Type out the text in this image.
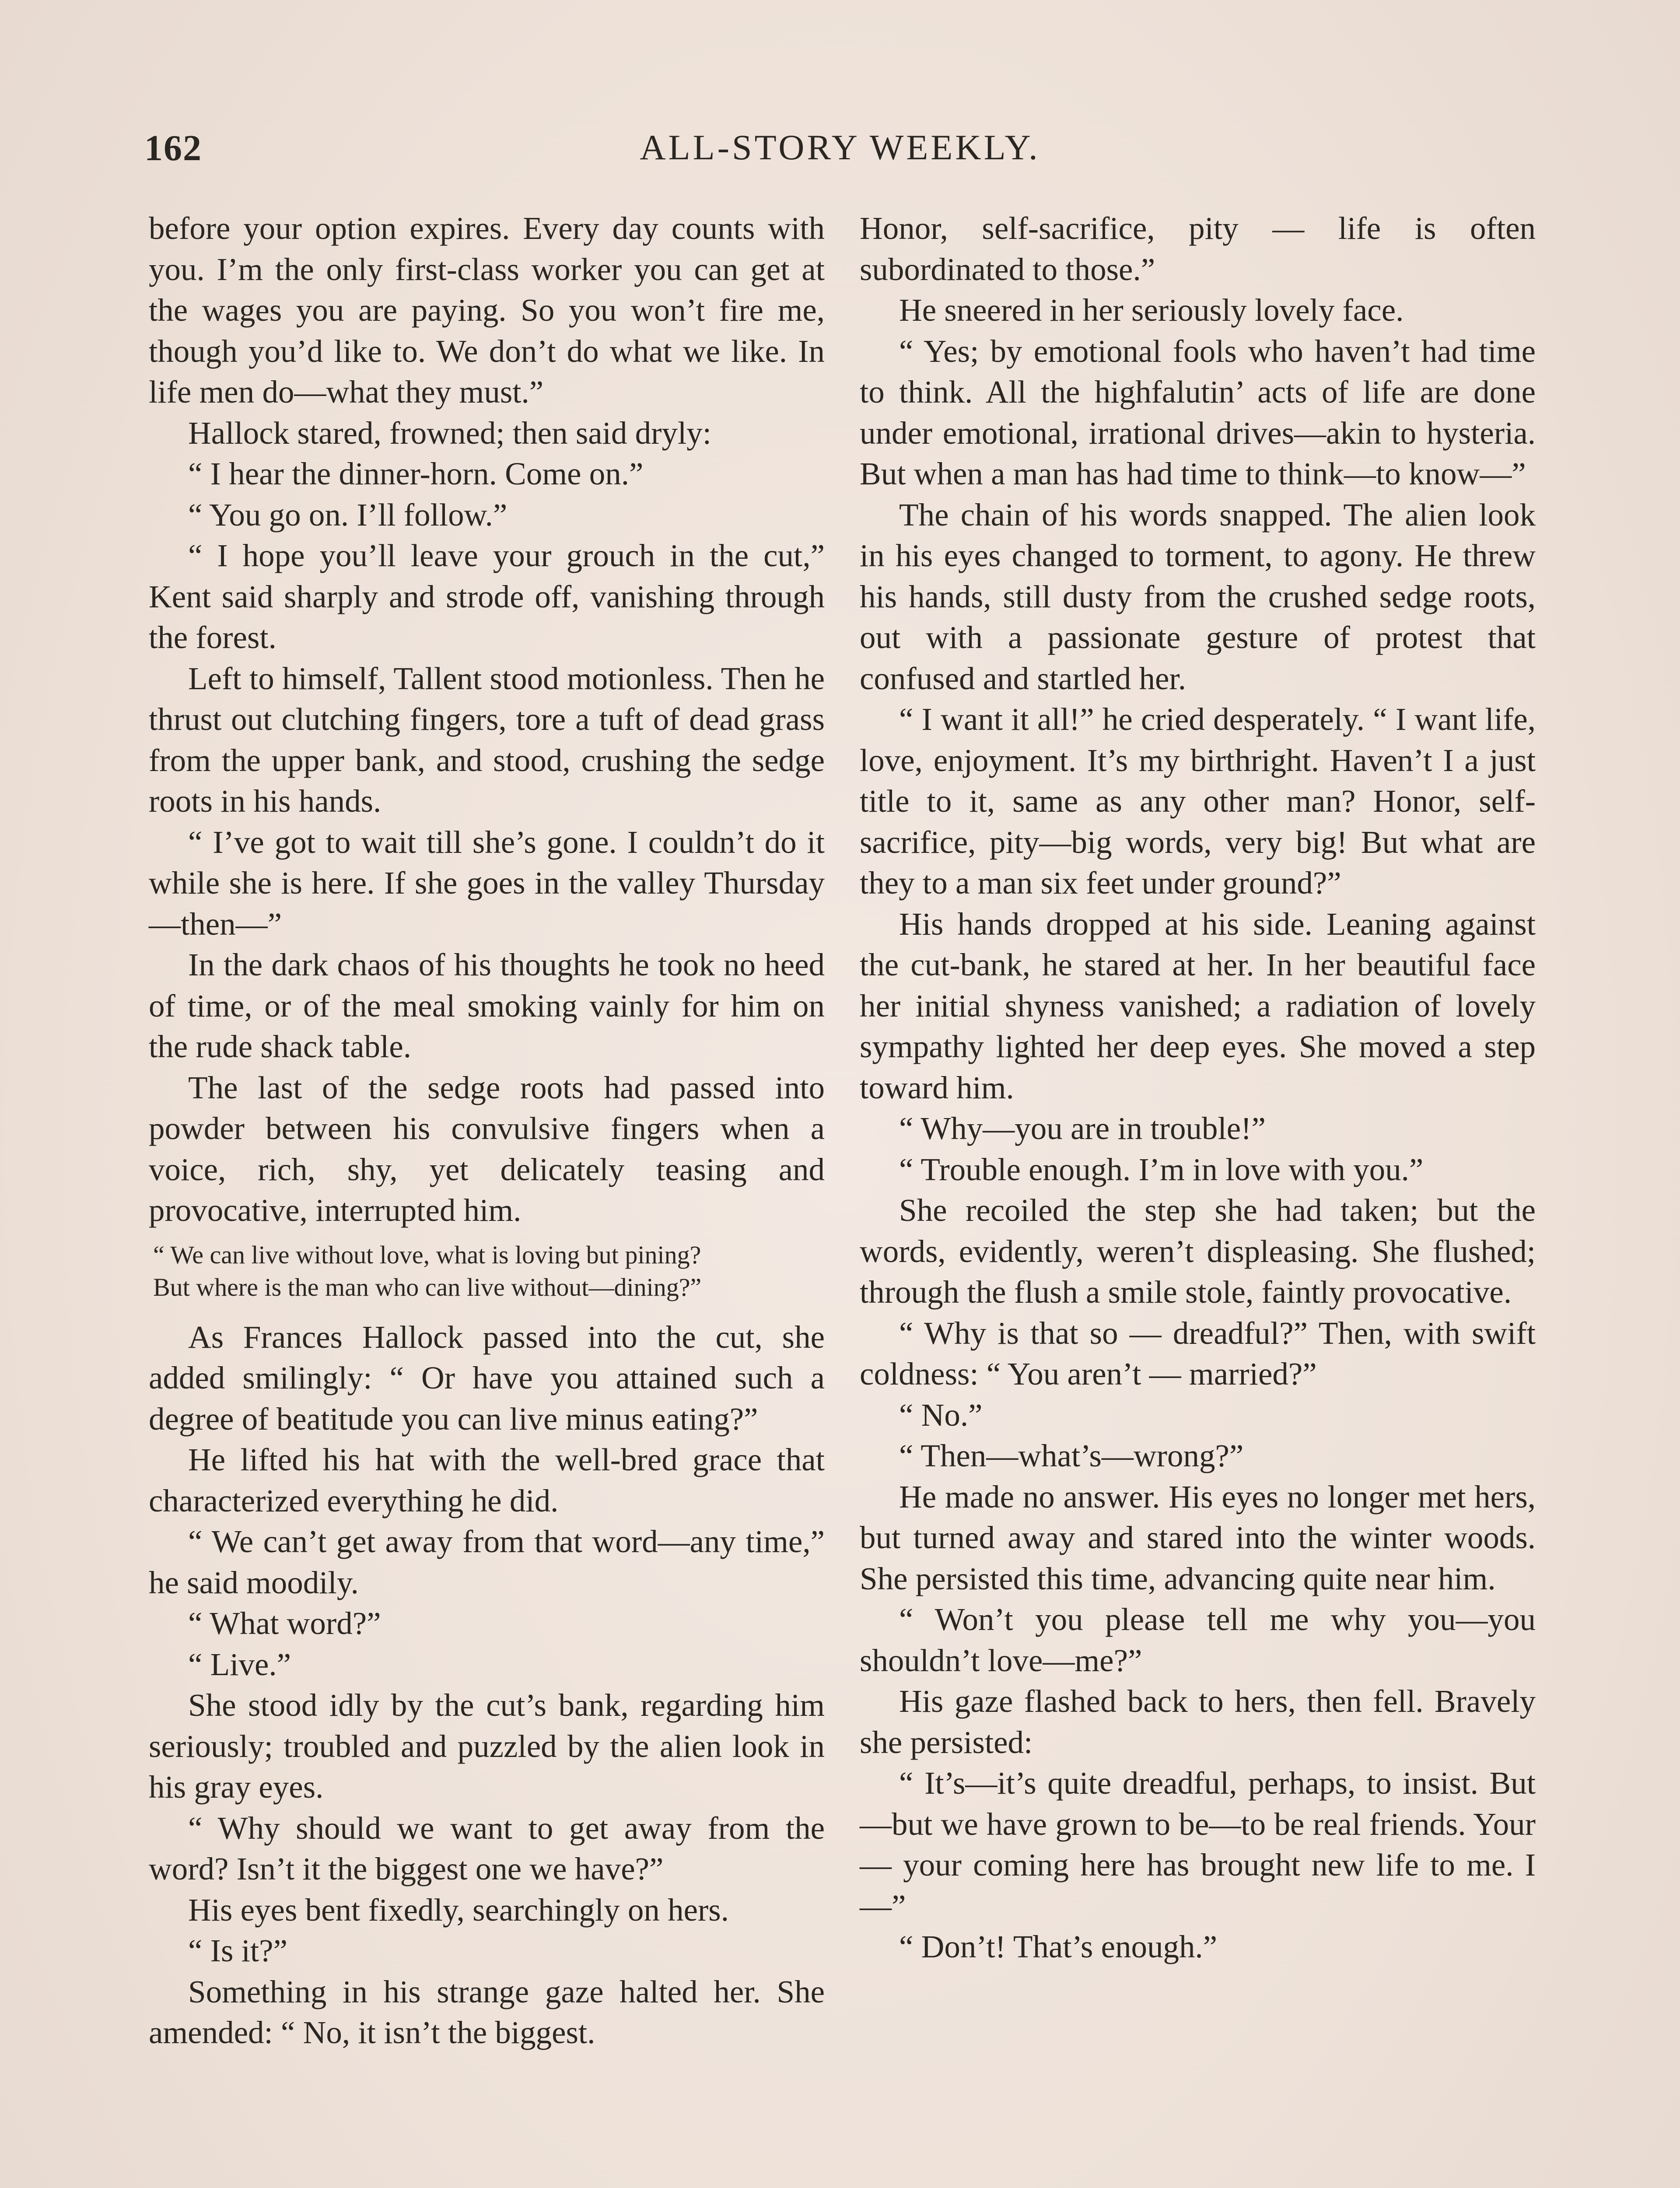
162	ALL-STORY WEEKLY.

before your option expires. Every day counts with you. I’m the only first-class worker you can get at the wages you are paying. So you won’t fire me, though you’d like to. We don’t do what we like. In life men do—what they must.”

Hallock stared, frowned; then said dryly:

“ I hear the dinner-horn. Come on.”

“ You go on. I’ll follow.”

“ I hope you’ll leave your grouch in the cut,” Kent said sharply and strode off, vanishing through the forest.

Left to himself, Tallent stood motionless. Then he thrust out clutching fingers, tore a tuft of dead grass from the upper bank, and stood, crushing the sedge roots in his hands.

“ I’ve got to wait till she’s gone. I couldn’t do it while she is here. If she goes in the valley Thursday—then—”

In the dark chaos of his thoughts he took no heed of time, or of the meal smoking vainly for him on the rude shack table.

The last of the sedge roots had passed into powder between his convulsive fingers when a voice, rich, shy, yet delicately teasing and provocative, interrupted him.

“ We can live without love, what is loving but pining?
But where is the man who can live without—dining?”

As Frances Hallock passed into the cut, she added smilingly: “ Or have you attained such a degree of beatitude you can live minus eating?”

He lifted his hat with the well-bred grace that characterized everything he did.

“ We can’t get away from that word—any time,” he said moodily.

“ What word?”

“ Live.”

She stood idly by the cut’s bank, regarding him seriously; troubled and puzzled by the alien look in his gray eyes.

“ Why should we want to get away from the word? Isn’t it the biggest one we have?”

His eyes bent fixedly, searchingly on hers.

“ Is it?”

Something in his strange gaze halted her. She amended: “ No, it isn’t the biggest.

Honor, self-sacrifice, pity — life is often subordinated to those.”

He sneered in her seriously lovely face.

“ Yes; by emotional fools who haven’t had time to think. All the highfalutin’ acts of life are done under emotional, irrational drives—akin to hysteria. But when a man has had time to think—to know—”

The chain of his words snapped. The alien look in his eyes changed to torment, to agony. He threw his hands, still dusty from the crushed sedge roots, out with a passionate gesture of protest that confused and startled her.

“ I want it all!” he cried desperately. “ I want life, love, enjoyment. It’s my birthright. Haven’t I a just title to it, same as any other man? Honor, self-sacrifice, pity—big words, very big! But what are they to a man six feet under ground?”

His hands dropped at his side. Leaning against the cut-bank, he stared at her. In her beautiful face her initial shyness vanished; a radiation of lovely sympathy lighted her deep eyes. She moved a step toward him.

“ Why—you are in trouble!”

“ Trouble enough. I’m in love with you.”

She recoiled the step she had taken; but the words, evidently, weren’t displeasing. She flushed; through the flush a smile stole, faintly provocative.

“ Why is that so — dreadful?” Then, with swift coldness: “ You aren’t — married?”

“ No.”

“ Then—what’s—wrong?”

He made no answer. His eyes no longer met hers, but turned away and stared into the winter woods. She persisted this time, advancing quite near him.

“ Won’t you please tell me why you—you shouldn’t love—me?”

His gaze flashed back to hers, then fell. Bravely she persisted:

“ It’s—it’s quite dreadful, perhaps, to insist. But—but we have grown to be—to be real friends. Your — your coming here has brought new life to me. I—”

“ Don’t! That’s enough.”
